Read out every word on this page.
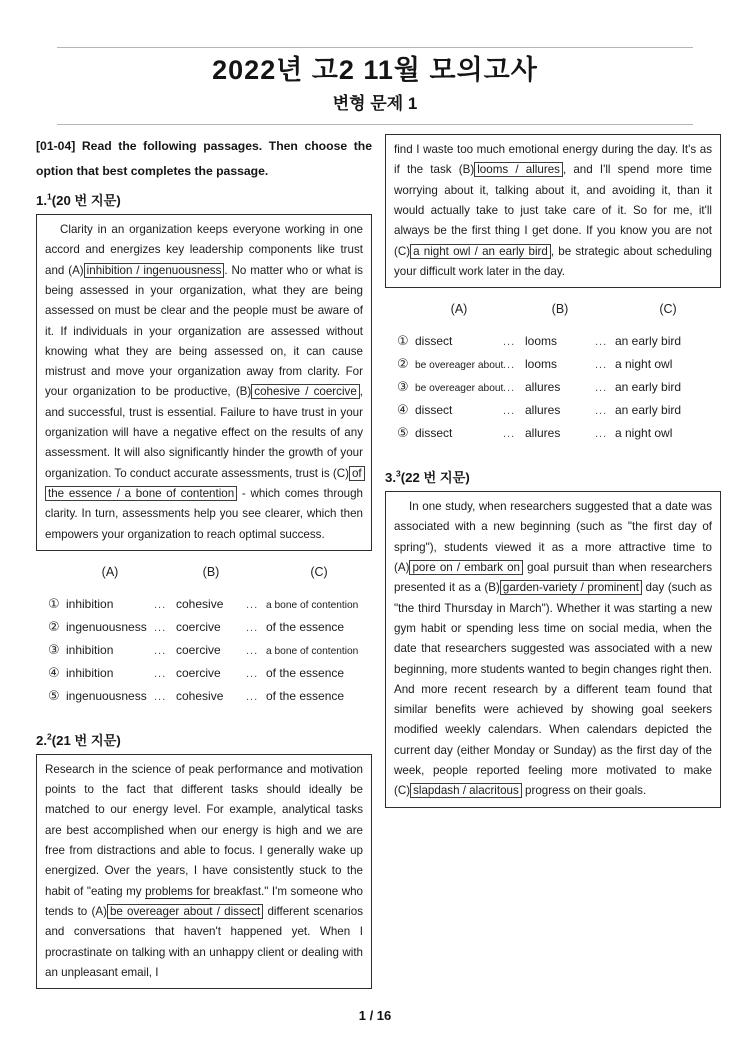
2022년 고2 11월 모의고사
변형 문제 1

[01-04] Read the following passages. Then choose the option that best completes the passage.

1.$^1$(20 번 지문)
Clarity in an organization keeps everyone working in one accord and energizes key leadership components like trust and (A) inhibition / ingenuousness . No matter who or what is being assessed in your organization, what they are being assessed on must be clear and the people must be aware of it. If individuals in your organization are assessed without knowing what they are being assessed on, it can cause mistrust and move your organization away from clarity. For your organization to be productive, (B) cohesive / coercive , and successful, trust is essential. Failure to have trust in your organization will have a negative effect on the results of any assessment. It will also significantly hinder the growth of your organization. To conduct accurate assessments, trust is (C) of the essence / a bone of contention - which comes through clarity. In turn, assessments help you see clearer, which then empowers your organization to reach optimal success.
(A)	(B)	(C)
① inhibition	... cohesive	... a bone of contention
② ingenuousness ... coercive	... of the essence
③ inhibition	... coercive	... a bone of contention
④ inhibition	... coercive	... of the essence
⑤ ingenuousness ... cohesive	... of the essence
2.$^2$(21 번 지문)
Research in the science of peak performance and motivation points to the fact that different tasks should ideally be matched to our energy level. For example, analytical tasks are best accomplished when our energy is high and we are free from distractions and able to focus. I generally wake up energized. Over the years, I have consistently stuck to the habit of "eating my problems for breakfast." I'm someone who tends to (A) be overeager about / dissect different scenarios and conversations that haven't happened yet. When I procrastinate on talking with an unhappy client or dealing with an unpleasant email, I
find I waste too much emotional energy during the day. It's as if the task (B) looms / allures , and I'll spend more time worrying about it, talking about it, and avoiding it, than it would actually take to just take care of it. So for me, it'll always be the first thing I get done. If you know you are not (C) a night owl / an early bird , be strategic about scheduling your difficult work later in the day.
(A)	(B)	(C)
① dissect	... looms	... an early bird
② be overeager about ... looms	... a night owl
③ be overeager about ... allures	... an early bird
④ dissect	... allures	... an early bird
⑤ dissect	... allures	... a night owl
3.$^3$(22 번 지문)
In one study, when researchers suggested that a date was associated with a new beginning (such as "the first day of spring"), students viewed it as a more attractive time to (A) pore on / embark on goal pursuit than when researchers presented it as a (B) garden-variety / prominent day (such as "the third Thursday in March"). Whether it was starting a new gym habit or spending less time on social media, when the date that researchers suggested was associated with a new beginning, more students wanted to begin changes right then. And more recent research by a different team found that similar benefits were achieved by showing goal seekers modified weekly calendars. When calendars depicted the current day (either Monday or Sunday) as the first day of the week, people reported feeling more motivated to make (C) slapdash / alacritous progress on their goals.
1 / 16
